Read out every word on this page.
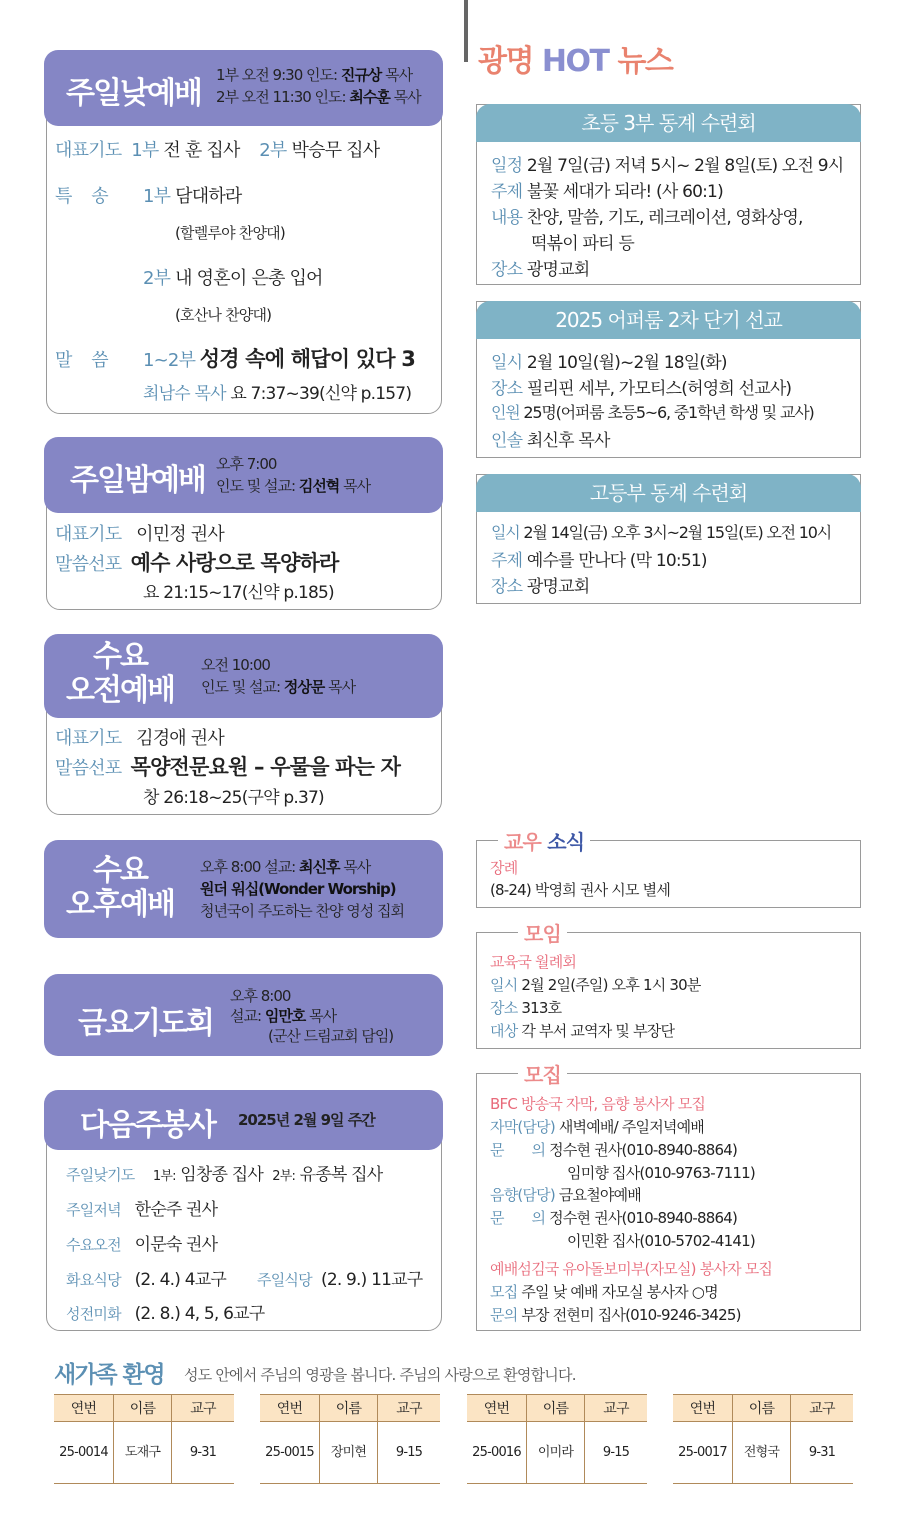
광명 HOT 뉴스
주일낮예배
1부 오전 9:30 인도: 진규상 목사
2부 오전 11:30 인도: 최수훈 목사
대표기도 1부 전 훈 집사 2부 박승무 집사
특    송 1부 담대하라
(할렐루야 찬양대)
2부 내 영혼이 은총 입어
(호산나 찬양대)
말    씀 1~2부 성경 속에 해답이 있다 3
최남수 목사 요 7:37~39(신약 p.157)
주일밤예배 오후 7:00
인도 및 설교: 김선혁 목사
대표기도 이민정 권사
말씀선포 예수 사랑으로 목양하라
요 21:15~17(신약 p.185)
수요
오전예배
오전 10:00
인도 및 설교: 정상문 목사
대표기도 김경애 권사
말씀선포 목양전문요원 – 우물을 파는 자
창 26:18~25(구약 p.37)
수요
오후예배
오후 8:00 설교: 최신후 목사
원더 워십(Wonder Worship)
청년국이 주도하는 찬양 영성 집회
금요기도회
오후 8:00
설교: 임만호 목사
(군산 드림교회 담임)
다음주봉사 2025년 2월 9일 주간
주일낮기도 1부: 임창종 집사 2부: 유종복 집사
주일저녁 한순주 권사
수요오전 이문숙 권사
화요식당 (2. 4.) 4교구 주일식당 (2. 9.) 11교구
성전미화 (2. 8.) 4, 5, 6교구
초등 3부 동계 수련회
일정 2월 7일(금) 저녁 5시~ 2월 8일(토) 오전 9시
주제 불꽃 세대가 되라! (사 60:1)
내용 찬양, 말씀, 기도, 레크레이션, 영화상영,
떡볶이 파티 등
장소 광명교회
2025 어퍼룸 2차 단기 선교
일시 2월 10일(월)~2월 18일(화)
장소 필리핀 세부, 가모티스(허영희 선교사)
인원 25명(어퍼룸 초등5~6, 중1학년 학생 및 교사)
인솔 최신후 목사
고등부 동계 수련회
일시 2월 14일(금) 오후 3시~2월 15일(토) 오전 10시
주제 예수를 만나다 (막 10:51)
장소 광명교회
교우 소식
장례
(8-24) 박영희 권사 시모 별세
모임
교육국 월례회
일시 2월 2일(주일) 오후 1시 30분
장소 313호
대상 각 부서 교역자 및 부장단
모집
BFC 방송국 자막, 음향 봉사자 모집
자막(담당) 새벽예배/ 주일저녁예배
문       의 정수현 권사(010-8940-8864)
임미향 집사(010-9763-7111)
음향(담당) 금요철야예배
문       의 정수현 권사(010-8940-8864)
이민환 집사(010-5702-4141)
예배섬김국 유아돌보미부(자모실) 봉사자 모집
모집 주일 낮 예배 자모실 봉사자 ○명
문의 부장 전현미 집사(010-9246-3425)
새가족 환영 성도 안에서 주님의 영광을 봅니다. 주님의 사랑으로 환영합니다.
연번	이름	교구
25-0014	도재구	9-31
연번	이름	교구
25-0015	장미현	9-15
연번	이름	교구
25-0016	이미라	9-15
연번	이름	교구
25-0017	전형국	9-31
